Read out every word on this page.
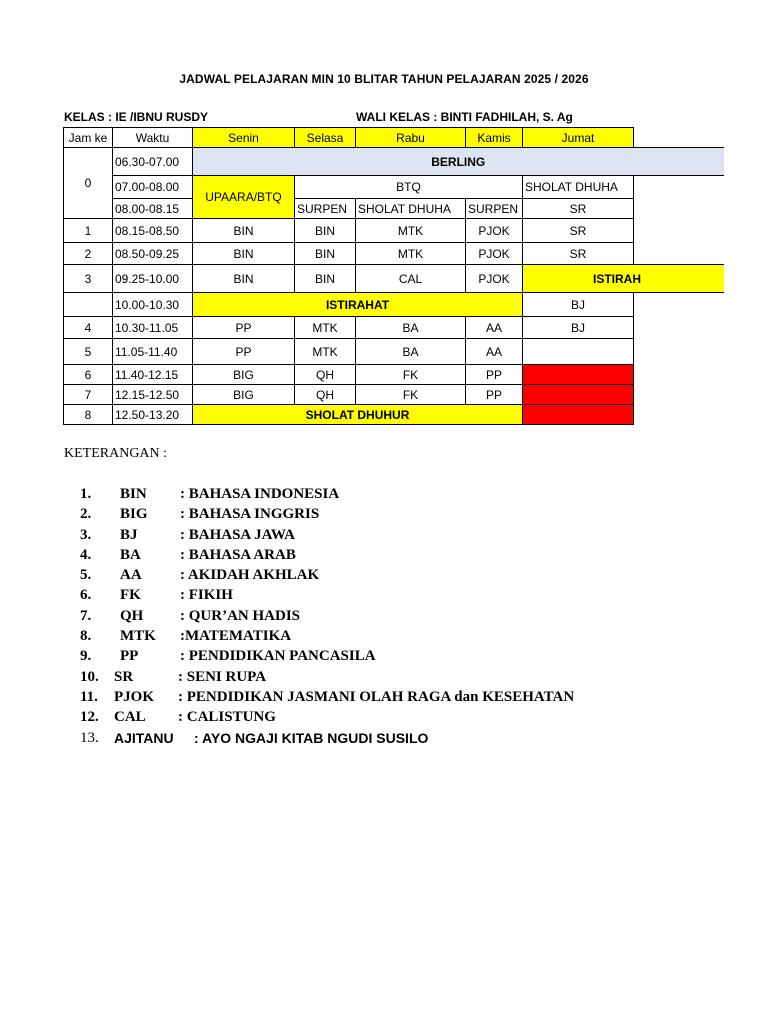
JADWAL PELAJARAN MIN 10 BLITAR TAHUN PELAJARAN 2025 / 2026
KELAS : IE /IBNU RUSDY	WALI KELAS : BINTI FADHILAH, S. Ag
Jam ke	Waktu	Senin	Selasa	Rabu	Kamis	Jumat	
0	06.30-07.00	BERLING					
	07.00-08.00	UPAARA/BTQ	BTQ			SHOLAT DHUHA	
	08.00-08.15		SURPEN	SHOLAT DHUHA	SURPEN	SR	
1	08.15-08.50	BIN	BIN	MTK	PJOK	SR	
2	08.50-09.25	BIN	BIN	MTK	PJOK	SR	
3	09.25-10.00	BIN	BIN	CAL	PJOK	ISTIRAH	
	10.00-10.30	ISTIRAHAT				BJ	
4	10.30-11.05	PP	MTK	BA	AA	BJ	
5	11.05-11.40	PP	MTK	BA	AA		
6	11.40-12.15	BIG	QH	FK	PP		
7	12.15-12.50	BIG	QH	FK	PP		
8	12.50-13.20	SHOLAT DHUHUR					
KETERANGAN :
1. BIN : BAHASA INDONESIA
2. BIG : BAHASA INGGRIS
3. BJ	: BAHASA JAWA
4. BA	: BAHASA ARAB
5. AA	: AKIDAH AKHLAK
6. FK	: FIKIH
7. QH : QUR’AN HADIS
8. MTK :MATEMATIKA
9. PP	: PENDIDIKAN PANCASILA
10. SR	: SENI RUPA
11. PJOK : PENDIDIKAN JASMANI OLAH RAGA dan KESEHATAN
12. CAL : CALISTUNG
13. AJITANU : AYO NGAJI KITAB NGUDI SUSILO
